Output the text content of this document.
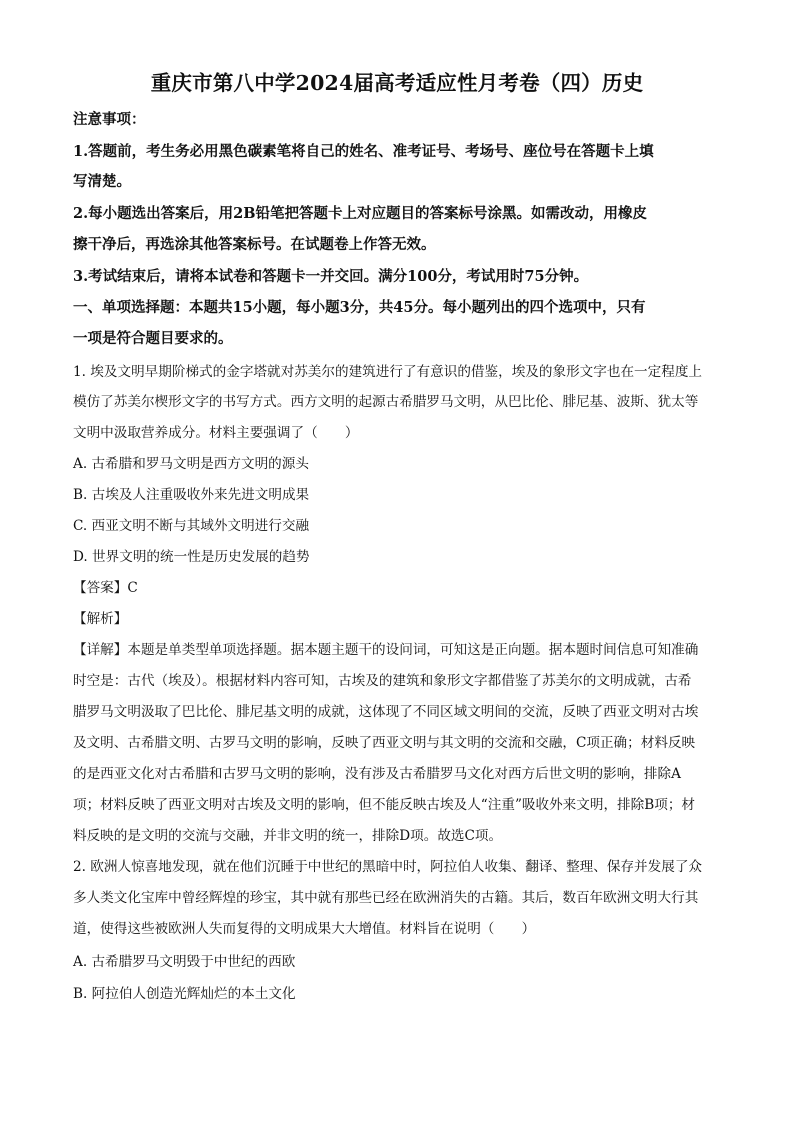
重庆市第八中学2024届高考适应性月考卷（四）历史
注意事项：
1.答题前，考生务必用黑色碳素笔将自己的姓名、准考证号、考场号、座位号在答题卡上填
写清楚。
2.每小题选出答案后，用2B铅笔把答题卡上对应题目的答案标号涂黑。如需改动，用橡皮
擦干净后，再选涂其他答案标号。在试题卷上作答无效。
3.考试结束后，请将本试卷和答题卡一并交回。满分100分，考试用时75分钟。
一、单项选择题：本题共15小题，每小题3分，共45分。每小题列出的四个选项中，只有
一项是符合题目要求的。
1. 埃及文明早期阶梯式的金字塔就对苏美尔的建筑进行了有意识的借鉴，埃及的象形文字也在一定程度上
模仿了苏美尔楔形文字的书写方式。西方文明的起源古希腊罗马文明，从巴比伦、腓尼基、波斯、犹太等
文明中汲取营养成分。材料主要强调了（　　）
A. 古希腊和罗马文明是西方文明的源头
B. 古埃及人注重吸收外来先进文明成果
C. 西亚文明不断与其域外文明进行交融
D. 世界文明的统一性是历史发展的趋势
【答案】C
【解析】
【详解】本题是单类型单项选择题。据本题主题干的设问词，可知这是正向题。据本题时间信息可知准确
时空是：古代（埃及）。根据材料内容可知，古埃及的建筑和象形文字都借鉴了苏美尔的文明成就，古希
腊罗马文明汲取了巴比伦、腓尼基文明的成就，这体现了不同区域文明间的交流，反映了西亚文明对古埃
及文明、古希腊文明、古罗马文明的影响，反映了西亚文明与其文明的交流和交融，C项正确；材料反映
的是西亚文化对古希腊和古罗马文明的影响，没有涉及古希腊罗马文化对西方后世文明的影响，排除A
项；材料反映了西亚文明对古埃及文明的影响，但不能反映古埃及人“注重”吸收外来文明，排除B项；材
料反映的是文明的交流与交融，并非文明的统一，排除D项。故选C项。
2. 欧洲人惊喜地发现，就在他们沉睡于中世纪的黑暗中时，阿拉伯人收集、翻译、整理、保存并发展了众
多人类文化宝库中曾经辉煌的珍宝，其中就有那些已经在欧洲消失的古籍。其后，数百年欧洲文明大行其
道，使得这些被欧洲人失而复得的文明成果大大增值。材料旨在说明（　　）
A. 古希腊罗马文明毁于中世纪的西欧
B. 阿拉伯人创造光辉灿烂的本土文化
